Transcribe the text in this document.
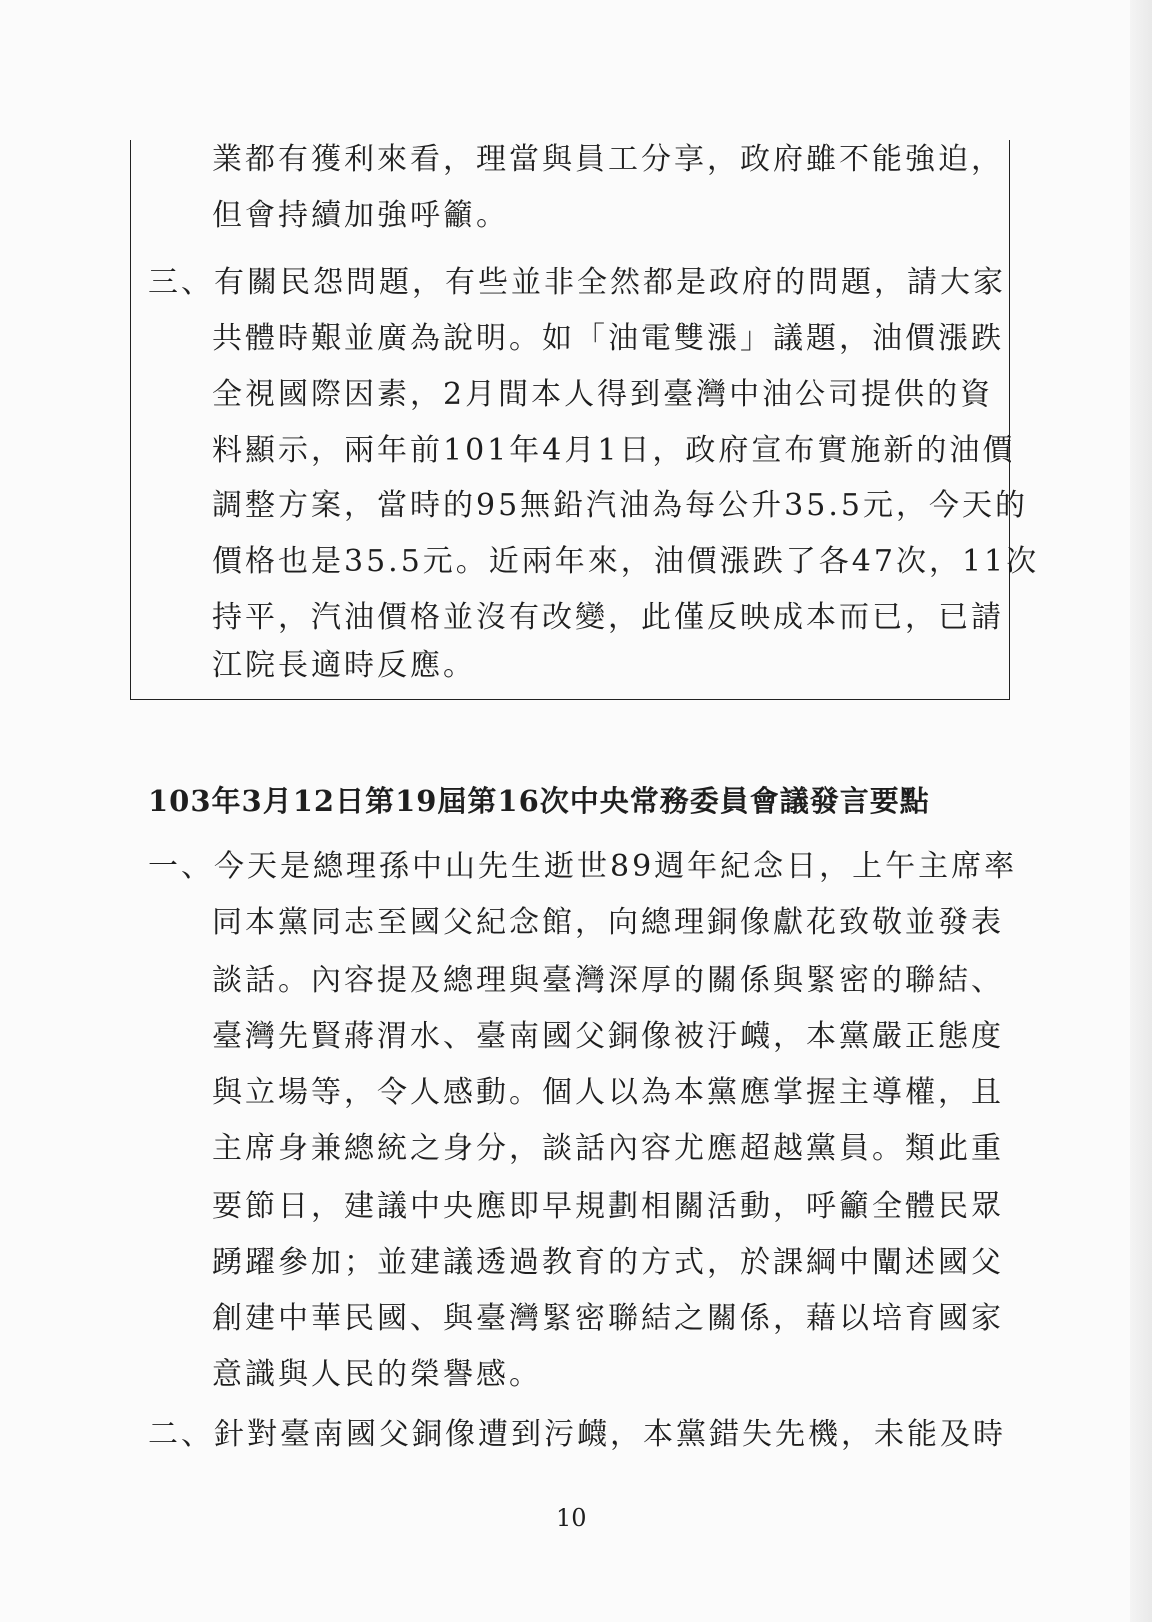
業都有獲利來看，理當與員工分享，政府雖不能強迫，
但會持續加強呼籲。
三、有關民怨問題，有些並非全然都是政府的問題，請大家
共體時艱並廣為說明。如「油電雙漲」議題，油價漲跌
全視國際因素，2月間本人得到臺灣中油公司提供的資
料顯示，兩年前101年4月1日，政府宣布實施新的油價
調整方案，當時的95無鉛汽油為每公升35.5元，今天的
價格也是35.5元。近兩年來，油價漲跌了各47次，11次
持平，汽油價格並沒有改變，此僅反映成本而已，已請
江院長適時反應。
103年3月12日第19屆第16次中央常務委員會議發言要點
一、今天是總理孫中山先生逝世89週年紀念日，上午主席率
同本黨同志至國父紀念館，向總理銅像獻花致敬並發表
談話。內容提及總理與臺灣深厚的關係與緊密的聯結、
臺灣先賢蔣渭水、臺南國父銅像被汙衊，本黨嚴正態度
與立場等，令人感動。個人以為本黨應掌握主導權，且
主席身兼總統之身分，談話內容尤應超越黨員。類此重
要節日，建議中央應即早規劃相關活動，呼籲全體民眾
踴躍參加；並建議透過教育的方式，於課綱中闡述國父
創建中華民國、與臺灣緊密聯結之關係，藉以培育國家
意識與人民的榮譽感。
二、針對臺南國父銅像遭到污衊，本黨錯失先機，未能及時
10
